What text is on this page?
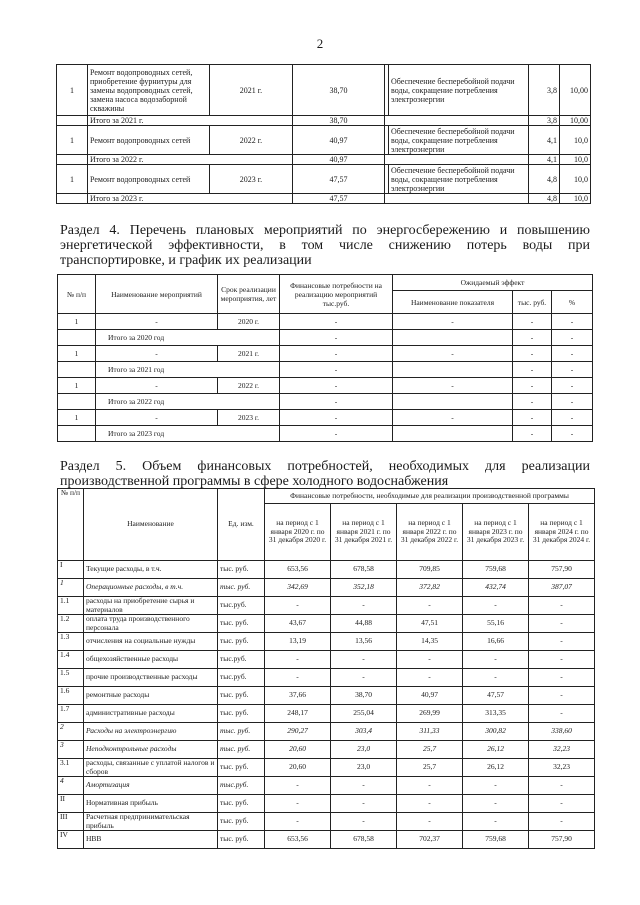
2
1	Ремонт водопроводных сетей, приобретение фурнитуры для замены водопроводных сетей, замена насоса водозаборной скважины	2021 г.	38,70		Обеспечение бесперебойной подачи воды, сокращение потребления электроэнергии	3,8	10,00
	Итого за 2021 г.		38,70			3,8	10,00
1	Ремонт водопроводных сетей	2022 г.	40,97		Обеспечение бесперебойной подачи воды, сокращение потребления электроэнергии	4,1	10,0
	Итого за 2022 г.		40,97			4,1	10,0
1	Ремонт водопроводных сетей	2023 г.	47,57		Обеспечение бесперебойной подачи воды, сокращение потребления электроэнергии	4,8	10,0
	Итого за 2023 г.		47,57			4,8	10,0
Раздел 4. Перечень плановых мероприятий по энергосбережению и повышению энергетической эффективности, в том числе снижению потерь воды при транспортировке, и график их реализации
№ п/п	Наименование мероприятий	Срок реализации мероприятия, лет	Финансовые потребности на реализацию мероприятий тыс.руб.	Ожидаемый эффект		
				Наименование показателя	тыс. руб.	%
1	-	2020 г.	-	-	-	-
	Итого за 2020 год		-		-	-
1	-	2021 г.	-	-	-	-
	Итого за 2021 год		-		-	-
1	-	2022 г.	-	-	-	-
	Итого за 2022 год		-		-	-
1	-	2023 г.	-	-	-	-
	Итого за 2023 год		-		-	-
Раздел 5. Объем финансовых потребностей, необходимых для реализации производственной программы в сфере холодного водоснабжения
№ п/п	Наименование	Ед. изм.	Финансовые потребности, необходимые для реализации производственной программы				
			на период с 1 января 2020 г. по 31 декабря 2020 г.	на период с 1 января 2021 г. по 31 декабря 2021 г.	на период с 1 января 2022 г. по 31 декабря 2022 г.	на период с 1 января 2023 г. по 31 декабря 2023 г.	на период с 1 января 2024 г. по 31 декабря 2024 г.
I	Текущие расходы, в т.ч.	тыс. руб.	653,56	678,58	709,85	759,68	757,90
1	Операционные расходы, в т.ч.	тыс. руб.	342,69	352,18	372,82	432,74	387,07
1.1	расходы на приобретение сырья и материалов	тыс.руб.	-	-	-	-	-
1.2	оплата труда производственного персонала	тыс. руб.	43,67	44,88	47,51	55,16	-
1.3	отчисления на социальные нужды	тыс. руб.	13,19	13,56	14,35	16,66	-
1.4	общехозяйственные расходы	тыс.руб.	-	-	-	-	-
1.5	прочие производственные расходы	тыс.руб.	-	-	-	-	-
1.6	ремонтные расходы	тыс. руб.	37,66	38,70	40,97	47,57	-
1.7	административные расходы	тыс. руб.	248,17	255,04	269,99	313,35	-
2	Расходы на электроэнергию	тыс. руб.	290,27	303,4	311,33	300,82	338,60
3	Неподконтрольные расходы	тыс. руб.	20,60	23,0	25,7	26,12	32,23
3.1	расходы, связанные с уплатой налогов и сборов	тыс. руб.	20,60	23,0	25,7	26,12	32,23
4	Амортизация	тыс.руб.	-	-	-	-	-
II	Нормативная прибыль	тыс. руб.	-	-	-	-	-
III	Расчетная предпринимательская прибыль	тыс. руб.	-	-	-	-	-
IV	НВВ	тыс. руб.	653,56	678,58	702,37	759,68	757,90
